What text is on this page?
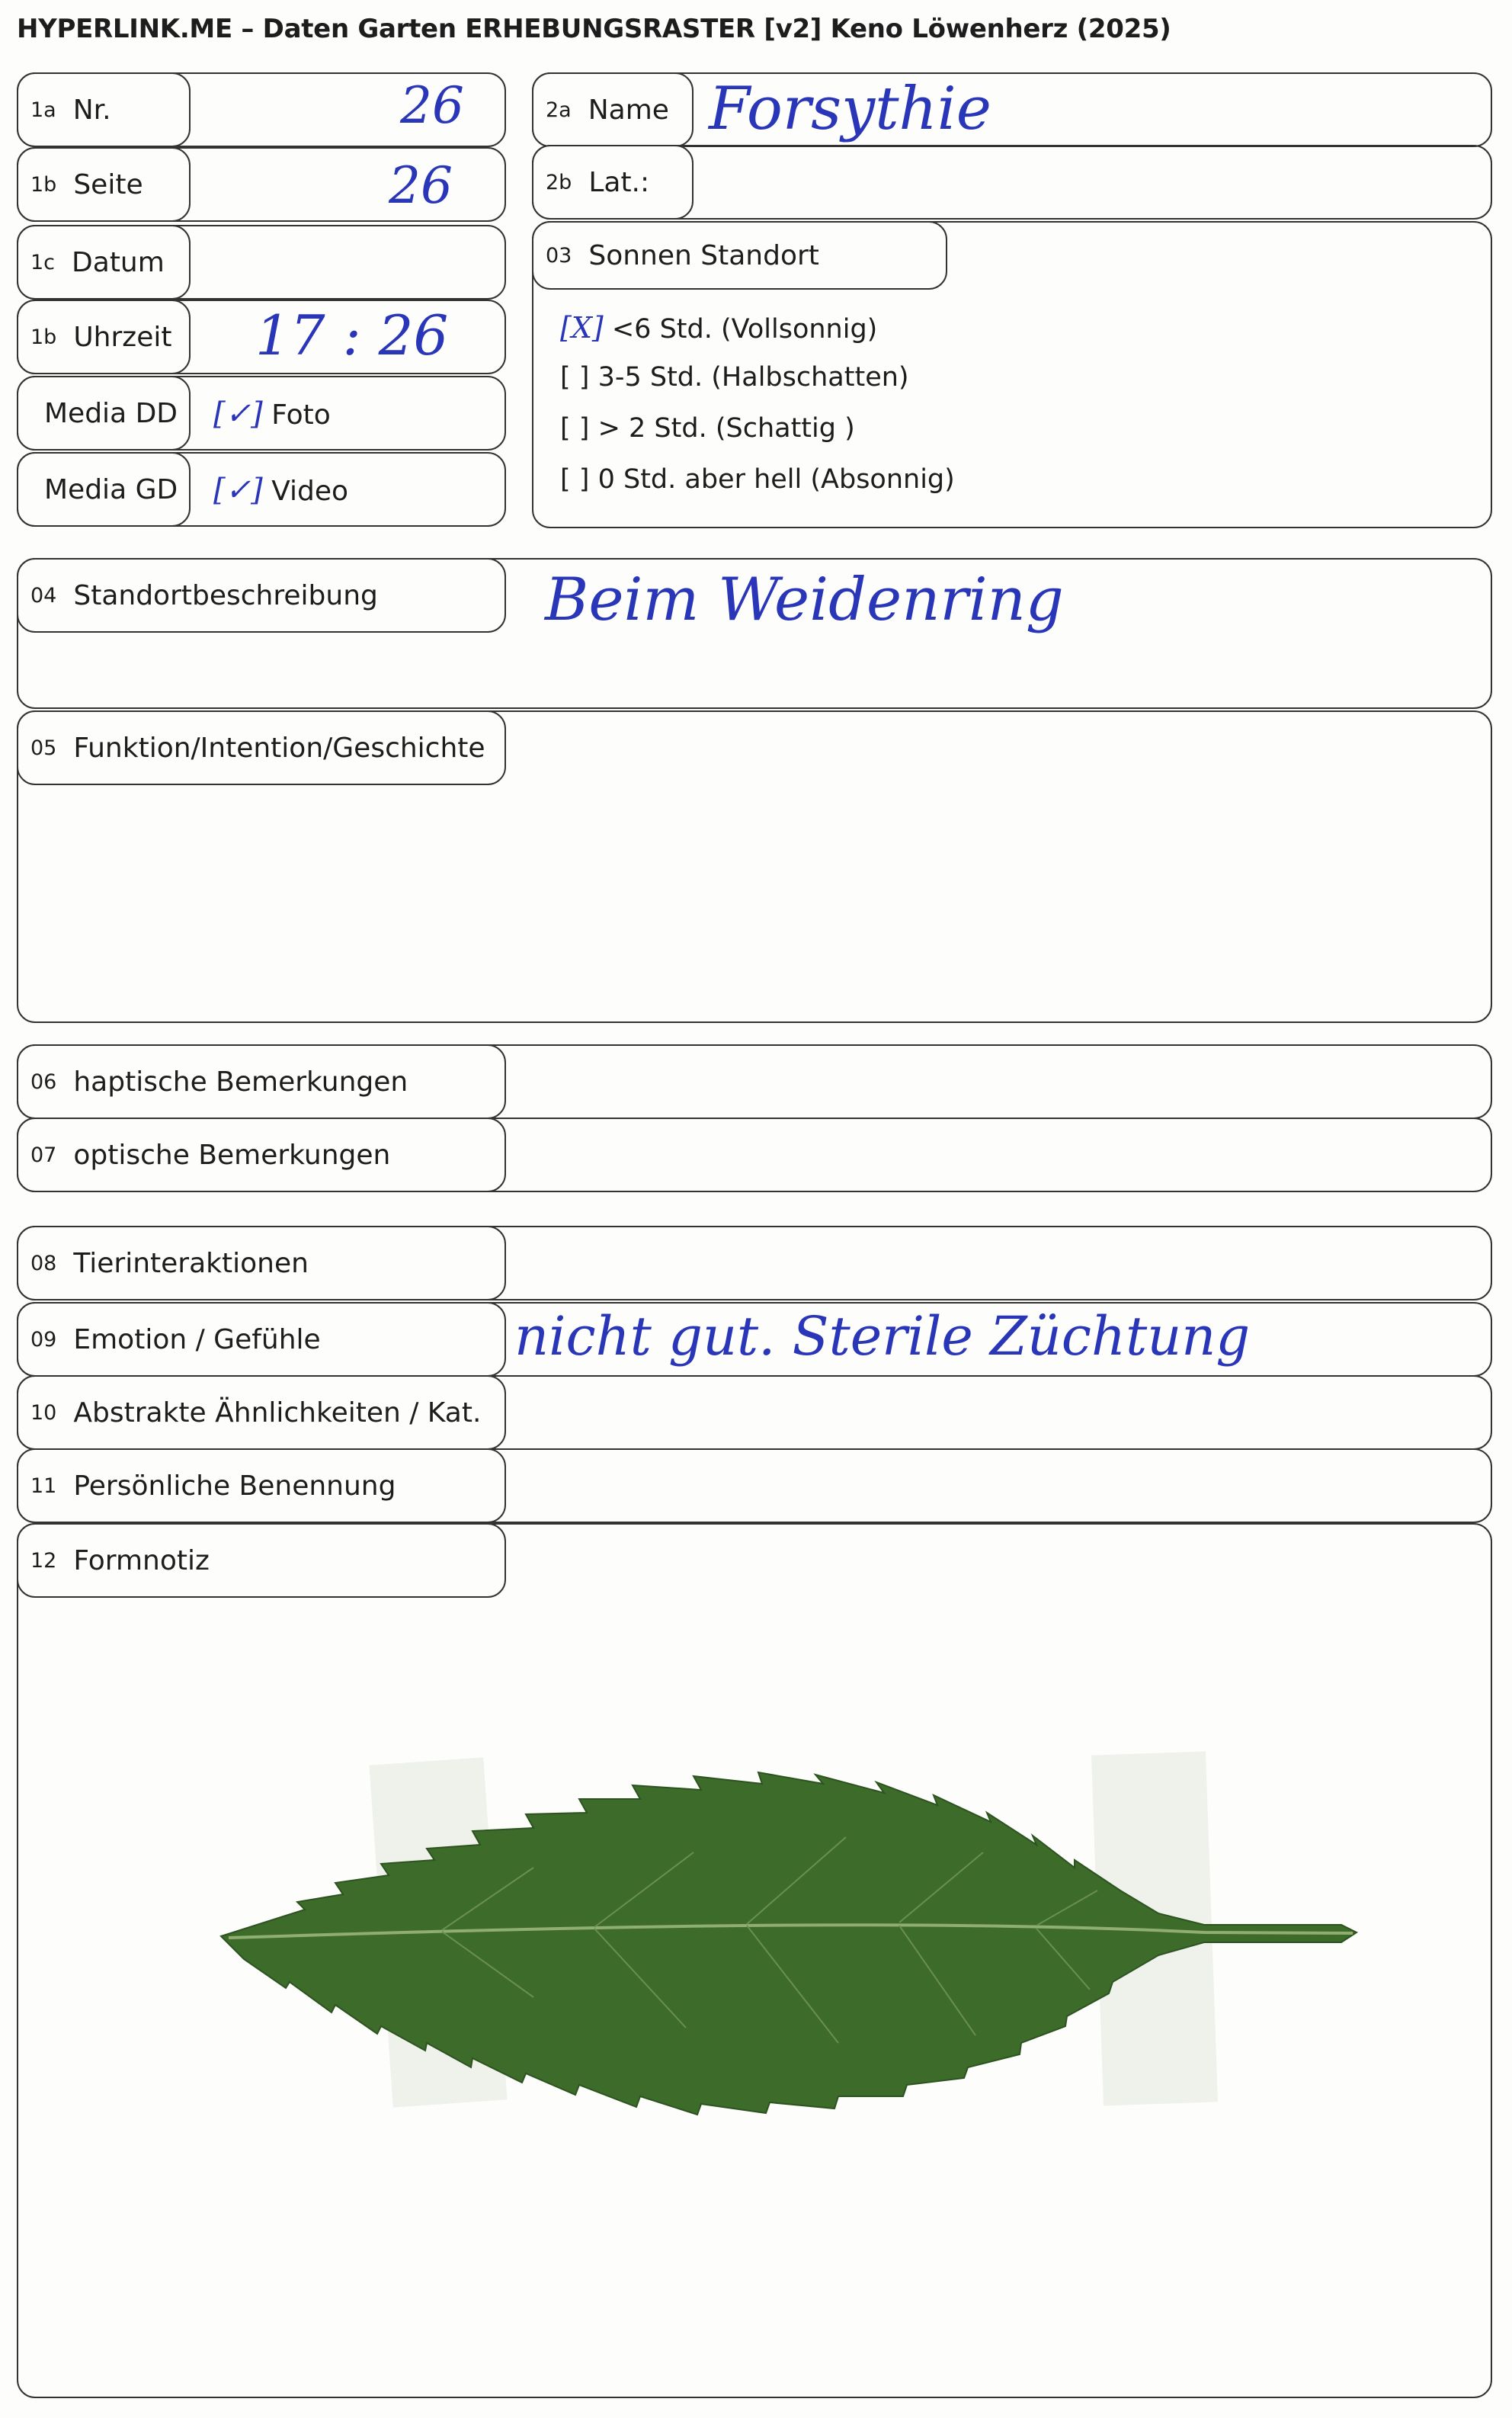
HYPERLINK.ME – Daten Garten ERHEBUNGSRASTER [v2] Keno Löwenherz (2025)
1a Nr.	26
1b Seite	26
1c Datum
1b Uhrzeit 17 : 26
Media DD [✓] Foto
Media GD [✓] Video
2a Name Forsythie
2b Lat.:
03 Sonnen Standort
[X] <6 Std. (Vollsonnig)
[ ] 3-5 Std. (Halbschatten)
[ ] > 2 Std. (Schattig )
[ ] 0 Std. aber hell (Absonnig)
04 Standortbeschreibung	Beim Weidenring
05 Funktion/Intention/Geschichte
06 haptische Bemerkungen
07 optische Bemerkungen
08 Tierinteraktionen
09 Emotion / Gefühle	nicht gut. Sterile Züchtung
10 Abstrakte Ähnlichkeiten / Kat.
11 Persönliche Benennung
12 Formnotiz
